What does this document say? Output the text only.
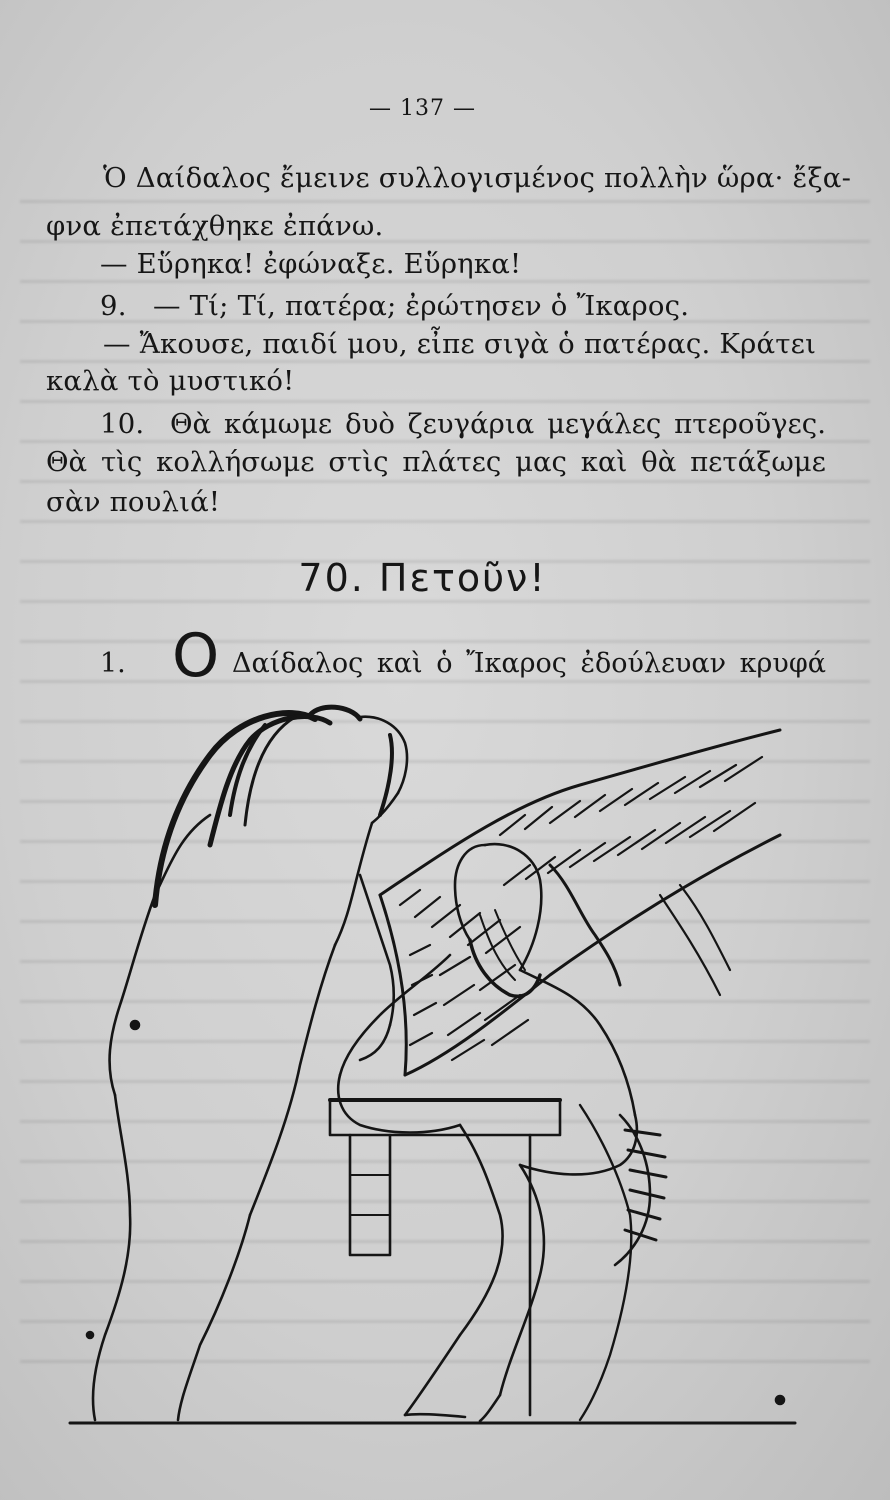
— 137 —
Ὁ Δαίδαλος ἔμεινε συλλογισμένος πολλὴν ὥρα· ἔξα-
φνα ἐπετάχθηκε ἐπάνω.
— Εὕρηκα! ἐφώναξε. Εὕρηκα!
9. — Τί; Τί, πατέρα; ἐρώτησεν ὁ Ἴκαρος.
— Ἄκουσε, παιδί μου, εἶπε σιγὰ ὁ πατέρας. Κράτει
καλὰ τὸ μυστικό!
10. Θὰ κάμωμε δυὸ ζευγάρια μεγάλες πτεροῦγες.
Θὰ τὶς κολλήσωμε στὶς πλάτες μας καὶ θὰ πετάξωμε
σὰν πουλιά!
70. Πετοῦν!
1. O Δαίδαλος καὶ ὁ Ἴκαρος ἐδούλευαν κρυφά
